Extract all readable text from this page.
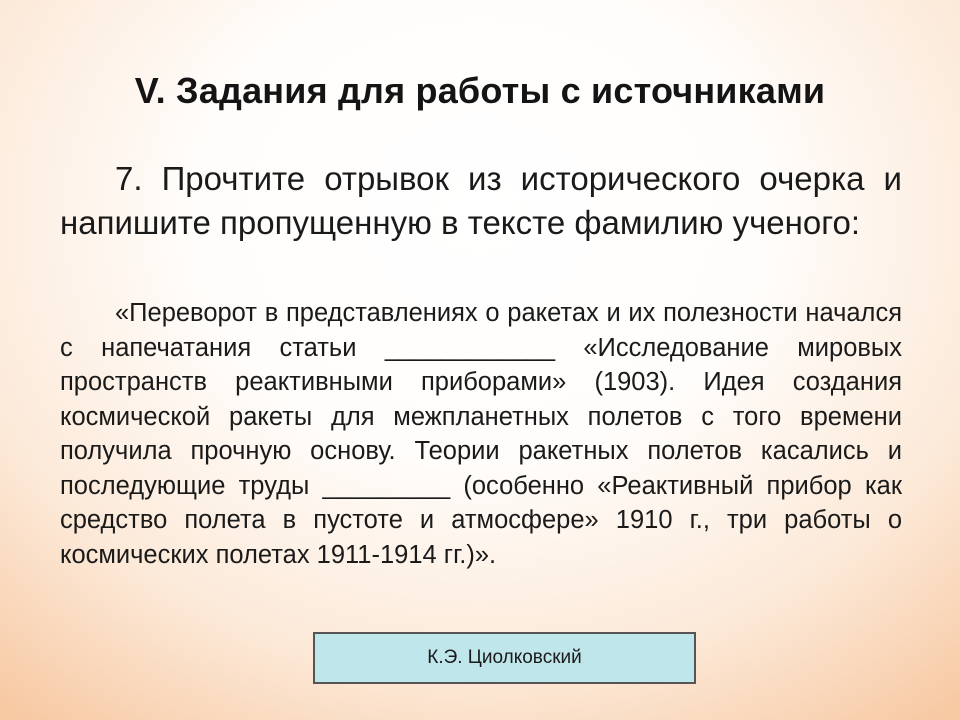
V. Задания для работы с источниками
7. Прочтите отрывок из исторического очерка и напишите пропущенную в тексте фамилию ученого:
«Переворот в представлениях о ракетах и их полезности начался с напечатания статьи ____________ «Исследование мировых пространств реактивными приборами» (1903). Идея создания космической ракеты для межпланетных полетов с того времени получила прочную основу. Теории ракетных полетов касались и последующие труды _________ (особенно «Реактивный прибор как средство полета в пустоте и атмосфере» 1910 г., три работы о космических полетах 1911-1914 гг.)».
К.Э. Циолковский
